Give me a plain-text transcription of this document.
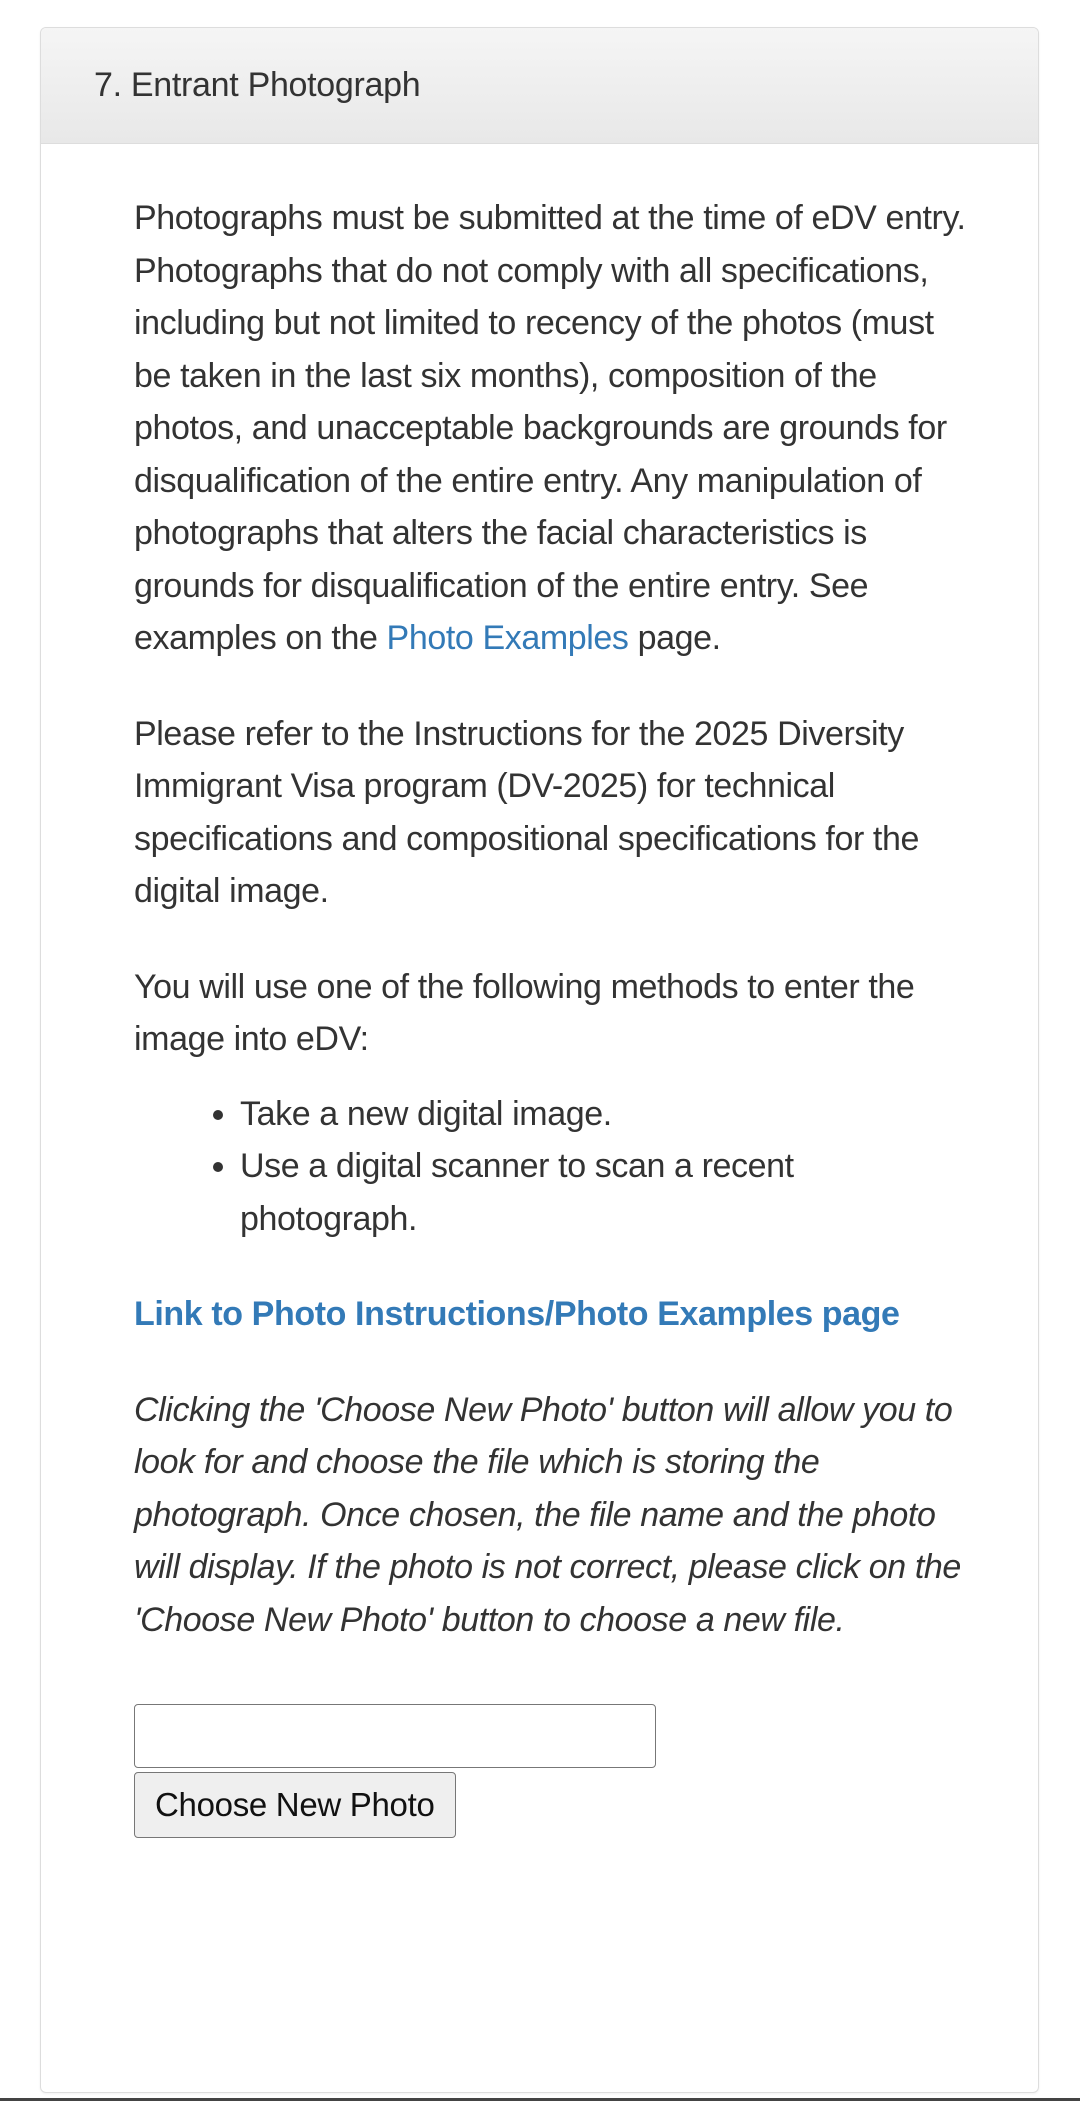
7. Entrant Photograph

Photographs must be submitted at the time of eDV entry. Photographs that do not comply with all specifications, including but not limited to recency of the photos (must be taken in the last six months), composition of the photos, and unacceptable backgrounds are grounds for disqualification of the entire entry. Any manipulation of photographs that alters the facial characteristics is grounds for disqualification of the entire entry. See examples on the Photo Examples page.

Please refer to the Instructions for the 2025 Diversity Immigrant Visa program (DV-2025) for technical specifications and compositional specifications for the digital image.

You will use one of the following methods to enter the image into eDV:

• Take a new digital image.
• Use a digital scanner to scan a recent photograph.
Link to Photo Instructions/Photo Examples page

Clicking the 'Choose New Photo' button will allow you to look for and choose the file which is storing the photograph. Once chosen, the file name and the photo will display. If the photo is not correct, please click on the 'Choose New Photo' button to choose a new file.

Choose New Photo
